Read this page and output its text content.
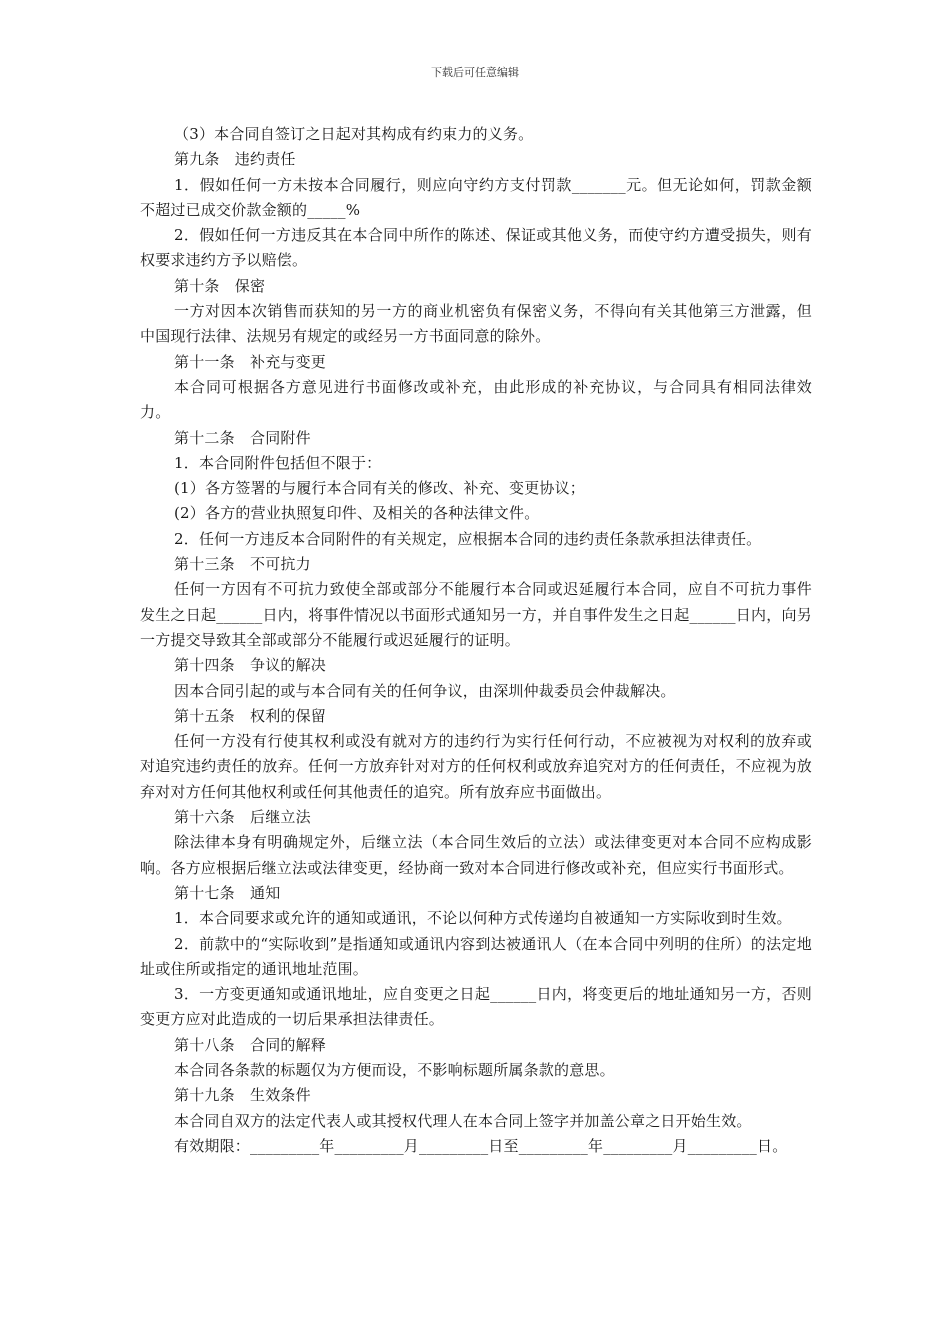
下载后可任意编辑

（3）本合同自签订之日起对其构成有约束力的义务。

第九条　违约责任

1．假如任何一方未按本合同履行，则应向守约方支付罚款_______元。但无论如何，罚款金额不超过已成交价款金额的_____%

2．假如任何一方违反其在本合同中所作的陈述、保证或其他义务，而使守约方遭受损失，则有权要求违约方予以赔偿。

第十条　保密

一方对因本次销售而获知的另一方的商业机密负有保密义务，不得向有关其他第三方泄露，但中国现行法律、法规另有规定的或经另一方书面同意的除外。

第十一条　补充与变更

本合同可根据各方意见进行书面修改或补充，由此形成的补充协议，与合同具有相同法律效力。

第十二条　合同附件

1．本合同附件包括但不限于：

(1）各方签署的与履行本合同有关的修改、补充、变更协议；

(2）各方的营业执照复印件、及相关的各种法律文件。

2．任何一方违反本合同附件的有关规定，应根据本合同的违约责任条款承担法律责任。

第十三条　不可抗力

任何一方因有不可抗力致使全部或部分不能履行本合同或迟延履行本合同，应自不可抗力事件发生之日起______日内，将事件情况以书面形式通知另一方，并自事件发生之日起______日内，向另一方提交导致其全部或部分不能履行或迟延履行的证明。

第十四条　争议的解决

因本合同引起的或与本合同有关的任何争议，由深圳仲裁委员会仲裁解决。

第十五条　权利的保留

任何一方没有行使其权利或没有就对方的违约行为实行任何行动，不应被视为对权利的放弃或对追究违约责任的放弃。任何一方放弃针对对方的任何权利或放弃追究对方的任何责任，不应视为放弃对对方任何其他权利或任何其他责任的追究。所有放弃应书面做出。

第十六条　后继立法

除法律本身有明确规定外，后继立法（本合同生效后的立法）或法律变更对本合同不应构成影响。各方应根据后继立法或法律变更，经协商一致对本合同进行修改或补充，但应实行书面形式。

第十七条　通知

1．本合同要求或允许的通知或通讯，不论以何种方式传递均自被通知一方实际收到时生效。

2．前款中的“实际收到”是指通知或通讯内容到达被通讯人（在本合同中列明的住所）的法定地址或住所或指定的通讯地址范围。

3．一方变更通知或通讯地址，应自变更之日起______日内，将变更后的地址通知另一方，否则变更方应对此造成的一切后果承担法律责任。

第十八条　合同的解释

本合同各条款的标题仅为方便而设，不影响标题所属条款的意思。

第十九条　生效条件

本合同自双方的法定代表人或其授权代理人在本合同上签字并加盖公章之日开始生效。

有效期限：_________年_________月_________日至_________年_________月_________日。
